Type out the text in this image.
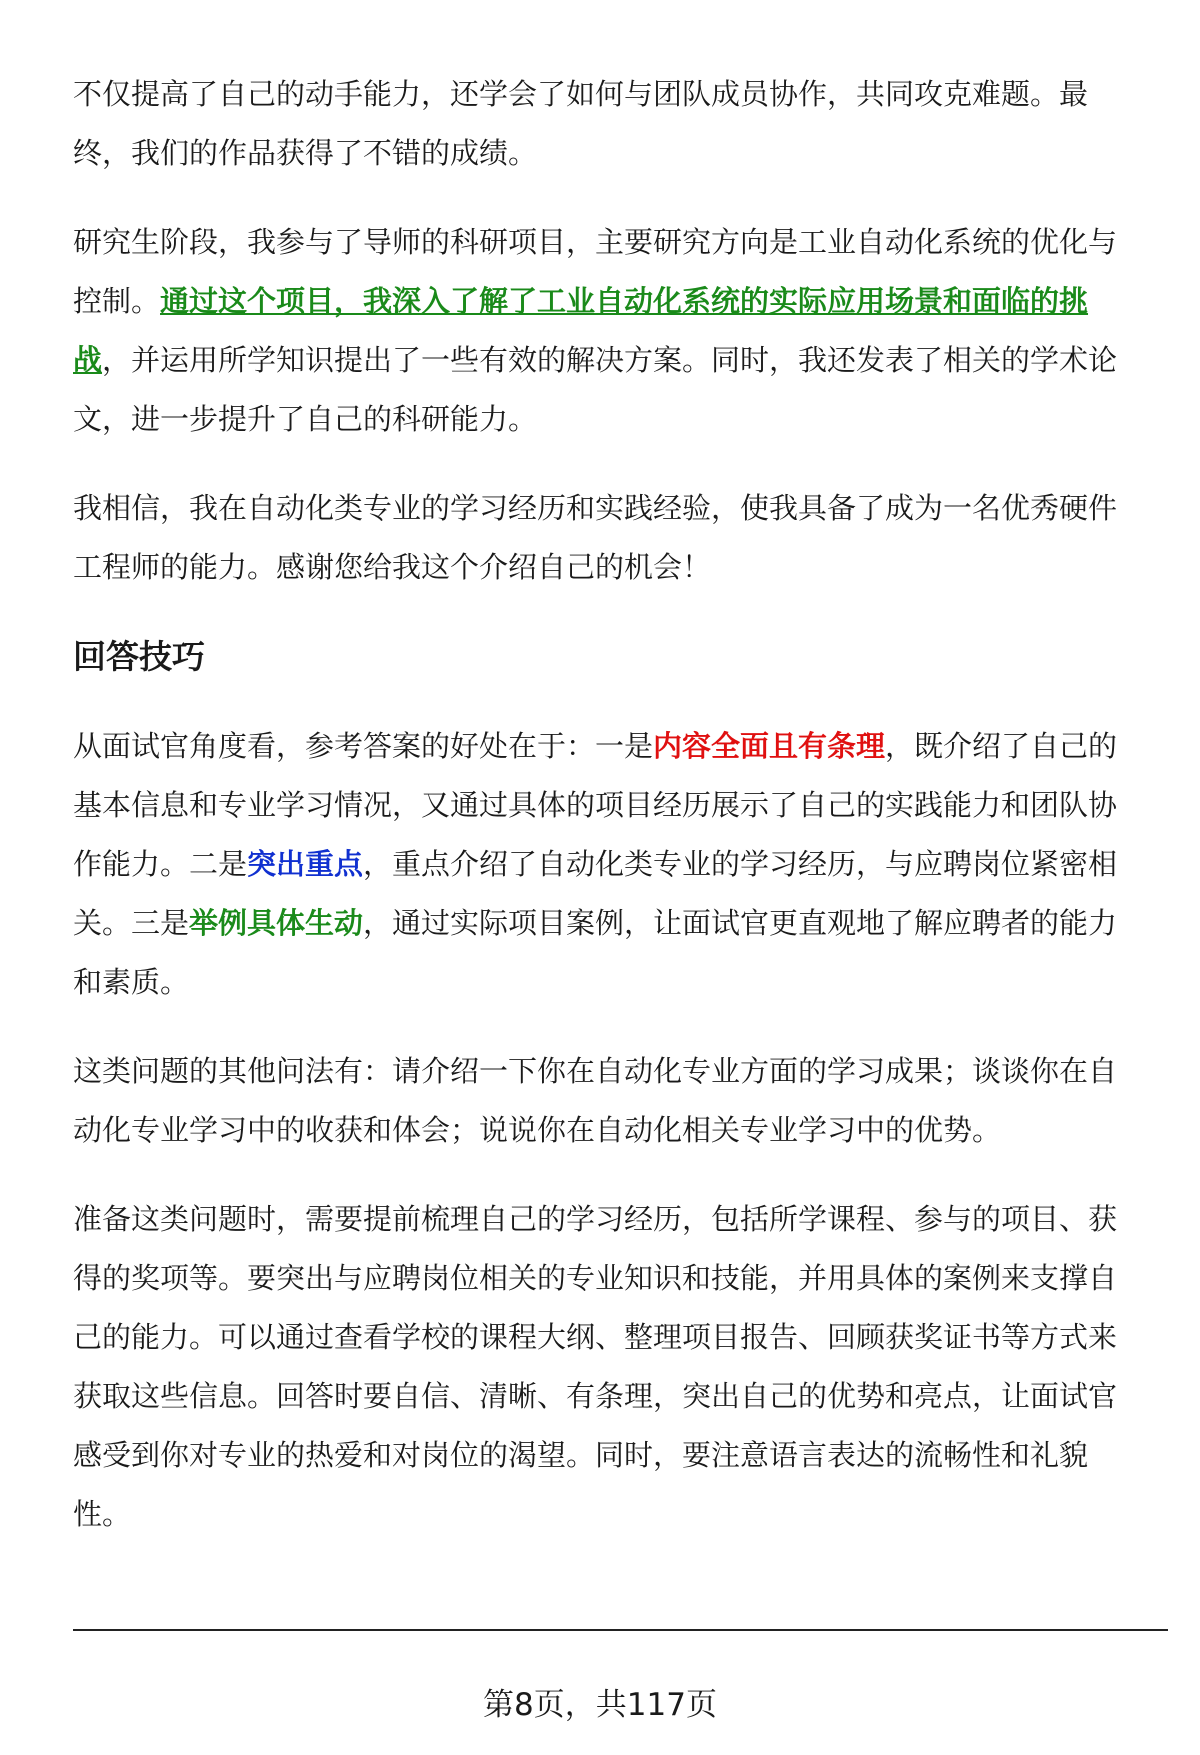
不仅提高了自己的动手能力，还学会了如何与团队成员协作，共同攻克难题。最
终，我们的作品获得了不错的成绩。
研究生阶段，我参与了导师的科研项目，主要研究方向是工业自动化系统的优化与
控制。通过这个项目，我深入了解了工业自动化系统的实际应用场景和面临的挑
战，并运用所学知识提出了一些有效的解决方案。同时，我还发表了相关的学术论
文，进一步提升了自己的科研能力。
我相信，我在自动化类专业的学习经历和实践经验，使我具备了成为一名优秀硬件
工程师的能力。感谢您给我这个介绍自己的机会！
回答技巧
从面试官角度看，参考答案的好处在于：一是内容全面且有条理，既介绍了自己的
基本信息和专业学习情况，又通过具体的项目经历展示了自己的实践能力和团队协
作能力。二是突出重点，重点介绍了自动化类专业的学习经历，与应聘岗位紧密相
关。三是举例具体生动，通过实际项目案例，让面试官更直观地了解应聘者的能力
和素质。
这类问题的其他问法有：请介绍一下你在自动化专业方面的学习成果；谈谈你在自
动化专业学习中的收获和体会；说说你在自动化相关专业学习中的优势。
准备这类问题时，需要提前梳理自己的学习经历，包括所学课程、参与的项目、获
得的奖项等。要突出与应聘岗位相关的专业知识和技能，并用具体的案例来支撑自
己的能力。可以通过查看学校的课程大纲、整理项目报告、回顾获奖证书等方式来
获取这些信息。回答时要自信、清晰、有条理，突出自己的优势和亮点，让面试官
感受到你对专业的热爱和对岗位的渴望。同时，要注意语言表达的流畅性和礼貌
性。
第8页，共117页
